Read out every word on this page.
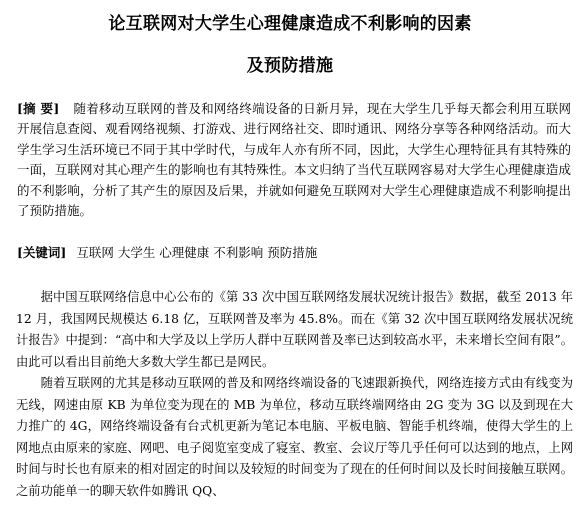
论互联网对大学生心理健康造成不利影响的因素
及预防措施

[摘 要] 随着移动互联网的普及和网络终端设备的日新月异，现在大学生几乎每天都会利用互联网开展信息查阅、观看网络视频、打游戏、进行网络社交、即时通讯、网络分享等各种网络活动。而大学生学习生活环境已不同于其中学时代，与成年人亦有所不同，因此，大学生心理特征具有其特殊的一面，互联网对其心理产生的影响也有其特殊性。本文归纳了当代互联网容易对大学生心理健康造成的不利影响，分析了其产生的原因及后果，并就如何避免互联网对大学生心理健康造成不利影响提出了预防措施。

[关键词] 互联网 大学生 心理健康 不利影响 预防措施

据中国互联网络信息中心公布的《第 33 次中国互联网络发展状况统计报告》数据，截至 2013 年 12 月，我国网民规模达 6.18 亿，互联网普及率为 45.8%。而在《第 32 次中国互联网络发展状况统计报告》中提到：“高中和大学及以上学历人群中互联网普及率已达到较高水平，未来增长空间有限”。由此可以看出目前绝大多数大学生都已是网民。

随着互联网的尤其是移动互联网的普及和网络终端设备的飞速跟新换代，网络连接方式由有线变为无线，网速由原 KB 为单位变为现在的 MB 为单位，移动互联终端网络由 2G 变为 3G 以及到现在大力推广的 4G，网络终端设备有台式机更新为笔记本电脑、平板电脑、智能手机终端，使得大学生的上网地点由原来的家庭、网吧、电子阅览室变成了寝室、教室、会议厅等几乎任何可以达到的地点，上网时间与时长也有原来的相对固定的时间以及较短的时间变为了现在的任何时间以及长时间接触互联网。之前功能单一的聊天软件如腾讯 QQ、
